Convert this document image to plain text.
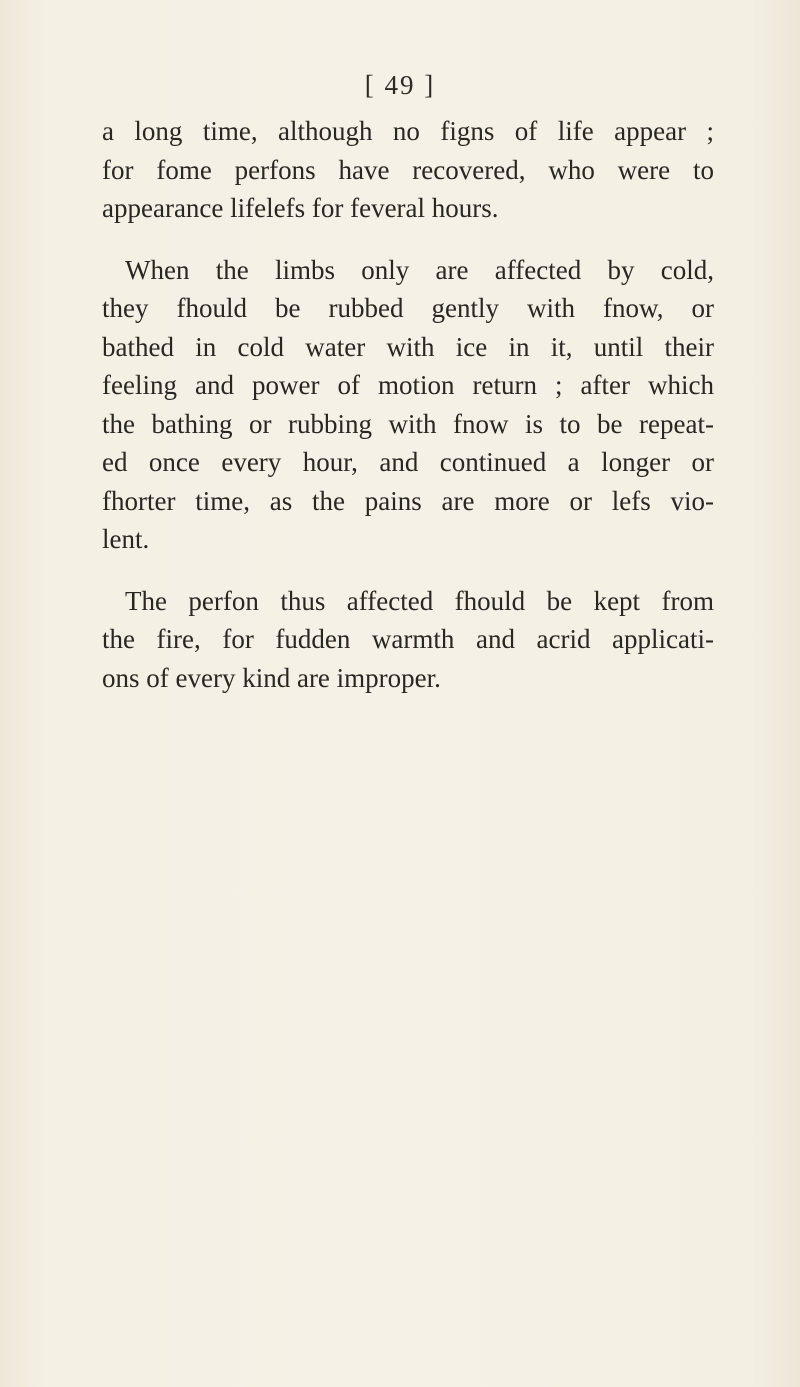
[ 49 ]

a long time, although no figns of life appear ;
for fome perfons have recovered, who were to
appearance lifelefs for feveral hours.

When the limbs only are affected by cold,
they fhould be rubbed gently with fnow, or
bathed in cold water with ice in it, until their
feeling and power of motion return ; after which
the bathing or rubbing with fnow is to be repeat-
ed once every hour, and continued a longer or
fhorter time, as the pains are more or lefs vio-
lent.

The perfon thus affected fhould be kept from
the fire, for fudden warmth and acrid applicati-
ons of every kind are improper.
